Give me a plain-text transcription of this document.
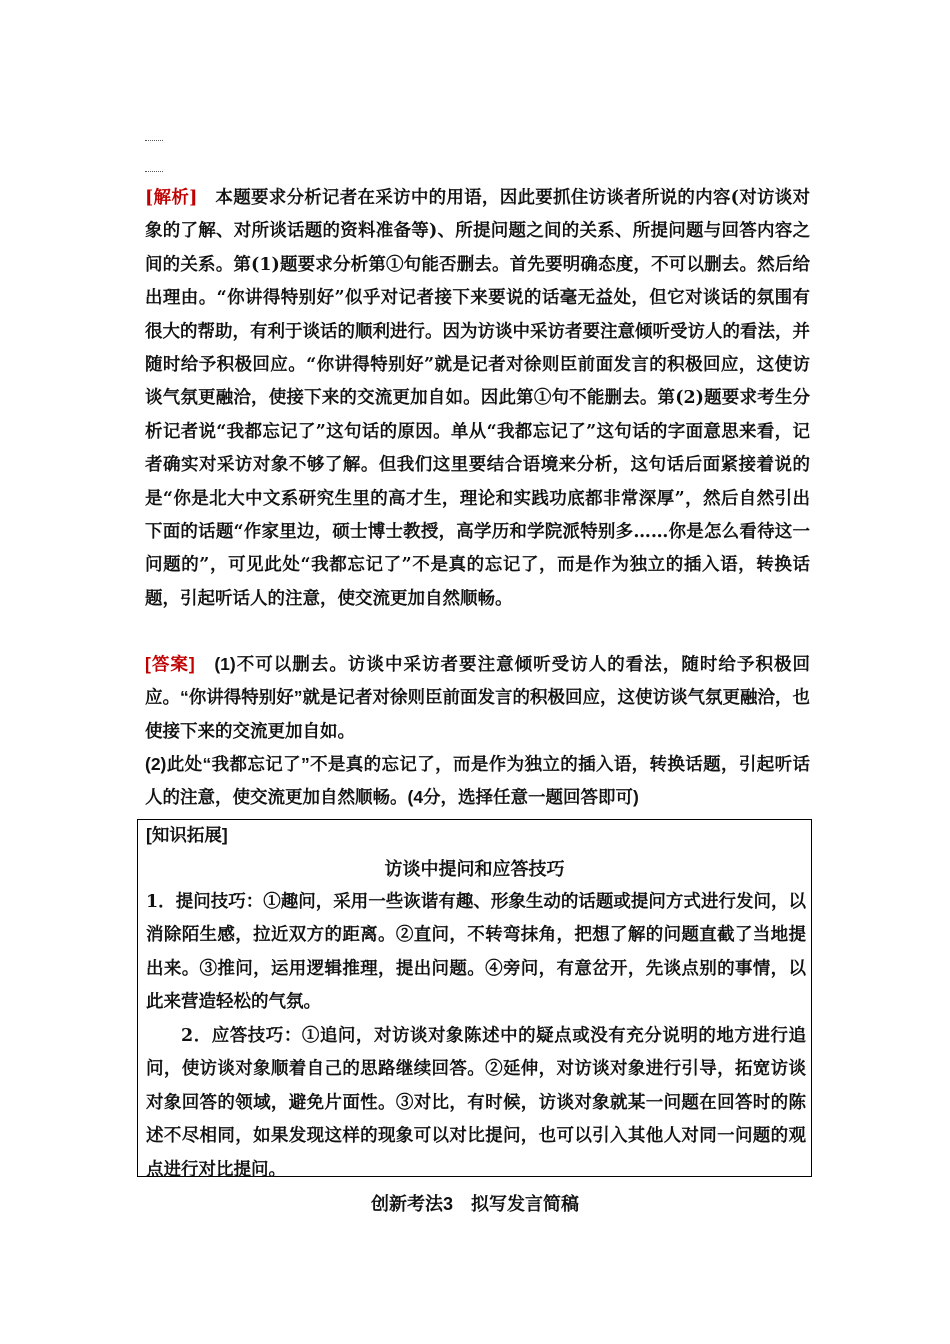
[解析]　 本题要求分析记者在采访中的用语，因此要抓住访谈者所说的内容(对访谈对象的了解、对所谈话题的资料准备等)、所提问题之间的关系、所提问题与回答内容之间的关系。第(1)题要求分析第①句能否删去。首先要明确态度，不可以删去。然后给出理由。“你讲得特别好”似乎对记者接下来要说的话毫无益处，但它对谈话的氛围有很大的帮助，有利于谈话的顺利进行。因为访谈中采访者要注意倾听受访人的看法，并随时给予积极回应。“你讲得特别好”就是记者对徐则臣前面发言的积极回应，这使访谈气氛更融洽，使接下来的交流更加自如。因此第①句不能删去。第(2)题要求考生分析记者说“我都忘记了”这句话的原因。单从“我都忘记了”这句话的字面意思来看，记者确实对采访对象不够了解。但我们这里要结合语境来分析，这句话后面紧接着说的是“你是北大中文系研究生里的高才生，理论和实践功底都非常深厚”，然后自然引出下面的话题“作家里边，硕士博士教授，高学历和学院派特别多……你是怎么看待这一问题的”，可见此处“我都忘记了”不是真的忘记了，而是作为独立的插入语，转换话题，引起听话人的注意，使交流更加自然顺畅。

[答案]　 (1)不可以删去。访谈中采访者要注意倾听受访人的看法，随时给予积极回应。“你讲得特别好”就是记者对徐则臣前面发言的积极回应，这使访谈气氛更融洽，也使接下来的交流更加自如。

(2)此处“我都忘记了”不是真的忘记了，而是作为独立的插入语，转换话题，引起听话人的注意，使交流更加自然顺畅。(4分，选择任意一题回答即可)

[知识拓展]
访谈中提问和应答技巧

1．提问技巧：①趣问，采用一些诙谐有趣、形象生动的话题或提问方式进行发问，以消除陌生感，拉近双方的距离。②直问，不转弯抹角，把想了解的问题直截了当地提出来。③推问，运用逻辑推理，提出问题。④旁问，有意岔开，先谈点别的事情，以此来营造轻松的气氛。

2．应答技巧：①追问，对访谈对象陈述中的疑点或没有充分说明的地方进行追问，使访谈对象顺着自己的思路继续回答。②延伸，对访谈对象进行引导，拓宽访谈对象回答的领域，避免片面性。③对比，有时候，访谈对象就某一问题在回答时的陈述不尽相同，如果发现这样的现象可以对比提问，也可以引入其他人对同一问题的观点进行对比提问。

创新考法3　拟写发言简稿
